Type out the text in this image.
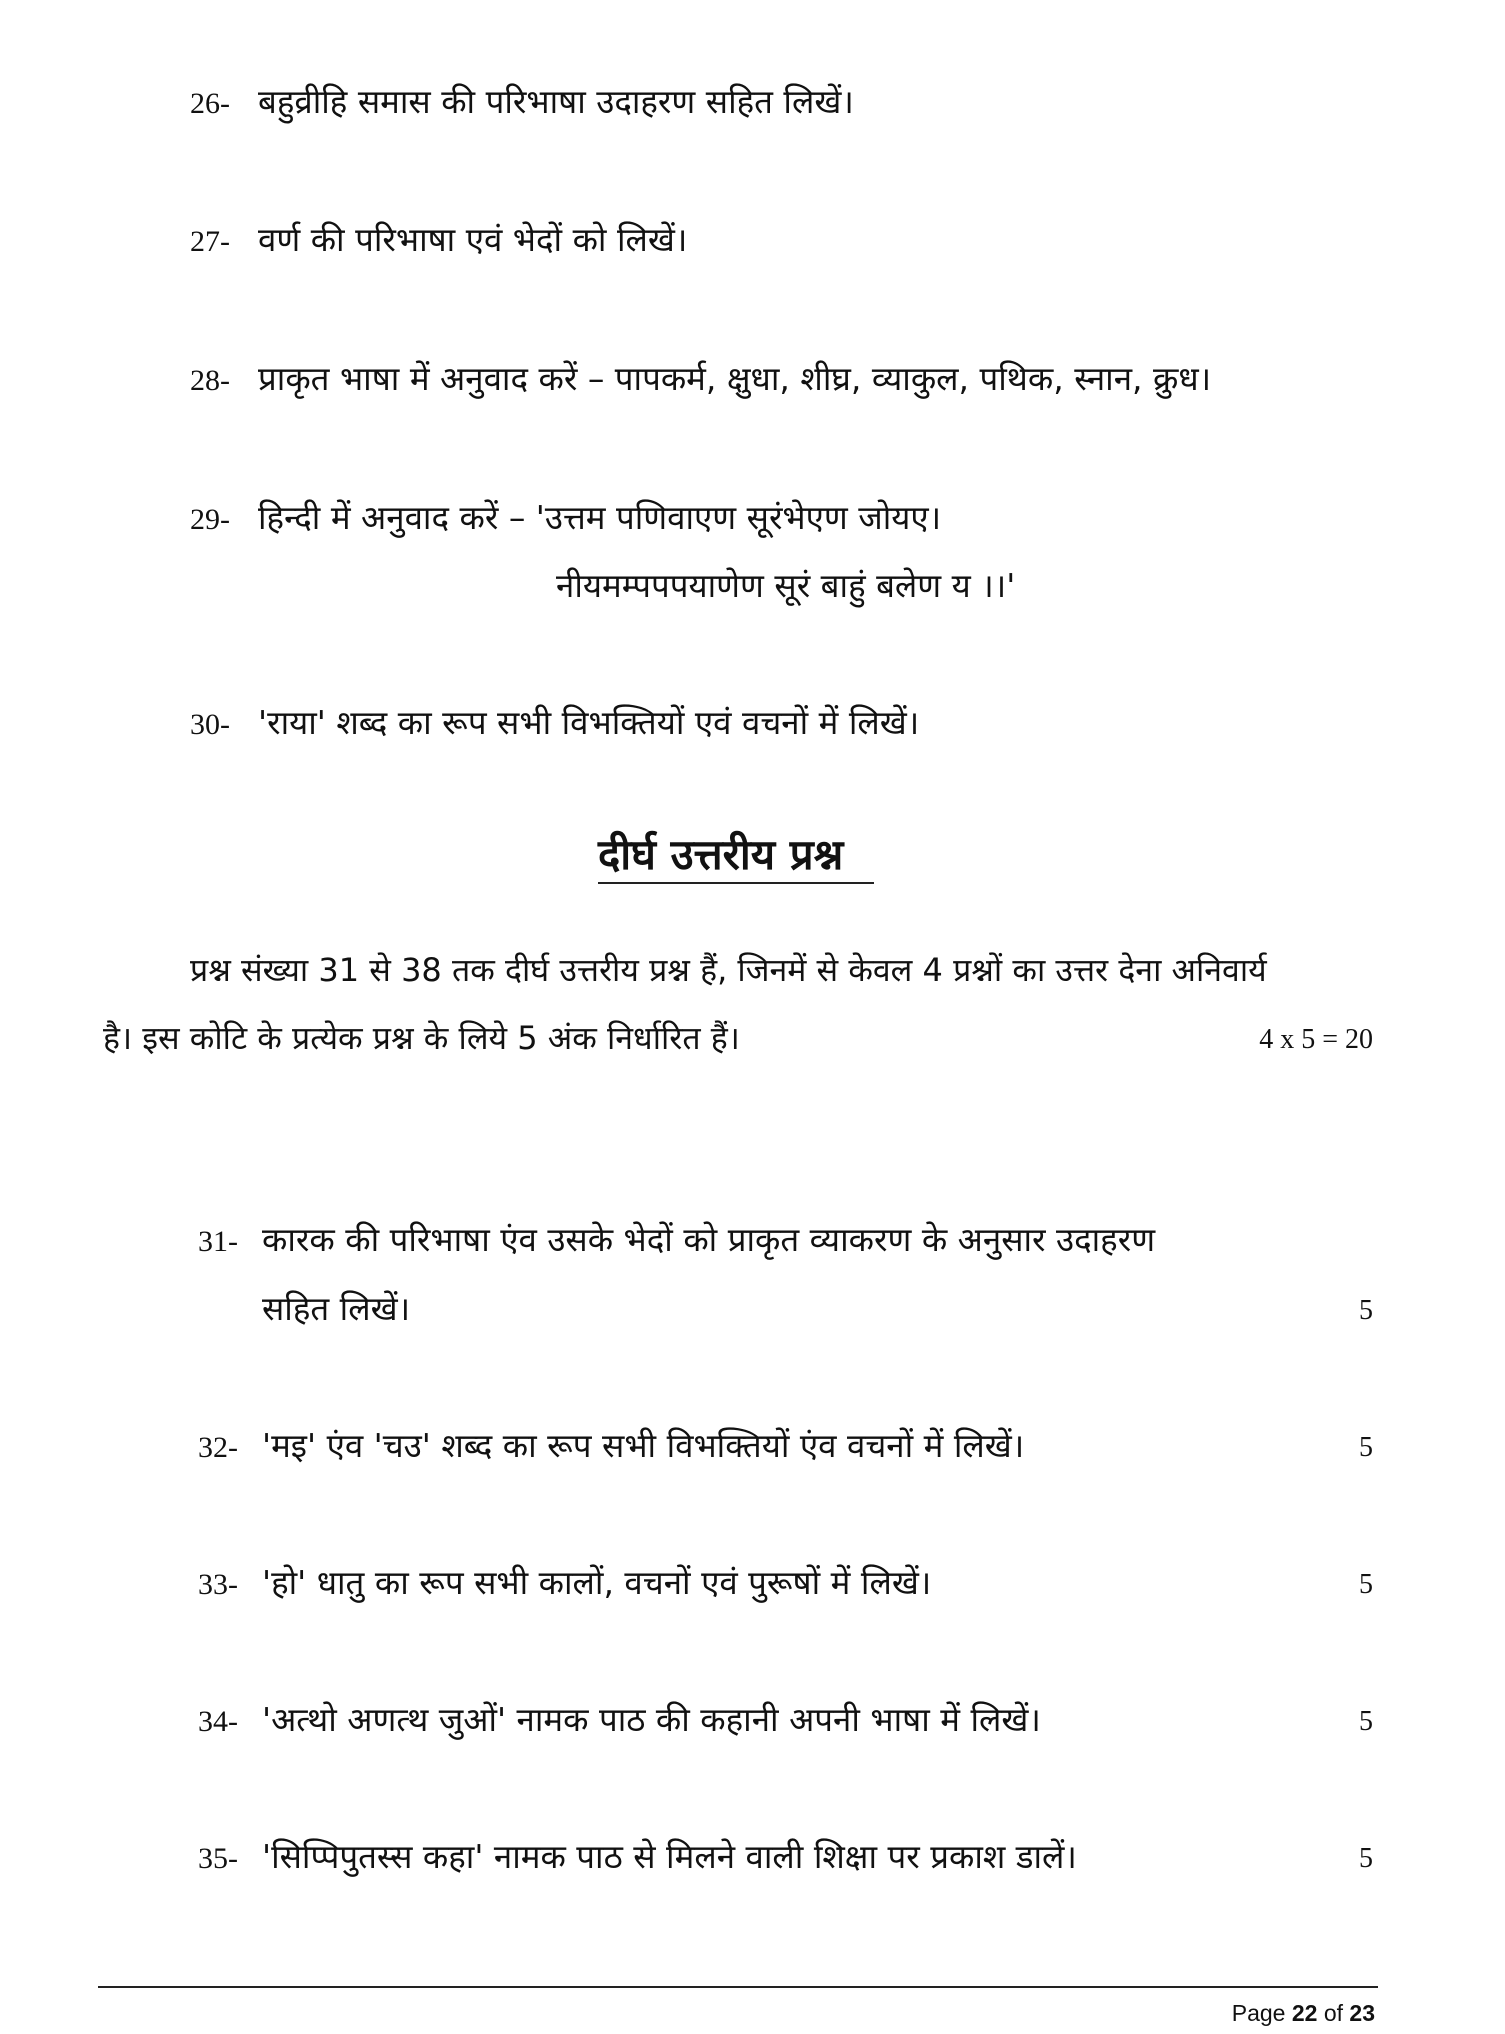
26- बहुव्रीहि समास की परिभाषा उदाहरण सहित लिखें।
27- वर्ण की परिभाषा एवं भेदों को लिखें।
28- प्राकृत भाषा में अनुवाद करें – पापकर्म, क्षुधा, शीघ्र, व्याकुल, पथिक, स्नान, क्रुध।
29- हिन्दी में अनुवाद करें – 'उत्तम पणिवाएण सूरंभेएण जोयए।
नीयमम्पपपयाणेण सूरं बाहुं बलेण य ।।'
30- 'राया' शब्द का रूप सभी विभक्तियों एवं वचनों में लिखें।
दीर्घ उत्तरीय प्रश्न
प्रश्न संख्या 31 से 38 तक दीर्घ उत्तरीय प्रश्न हैं, जिनमें से केवल 4 प्रश्नों का उत्तर देना अनिवार्य
है। इस कोटि के प्रत्येक प्रश्न के लिये 5 अंक निर्धारित हैं।	4 x 5 = 20
31- कारक की परिभाषा एंव उसके भेदों को प्राकृत व्याकरण के अनुसार उदाहरण
सहित लिखें।	5
32- 'मइ' एंव 'चउ' शब्द का रूप सभी विभक्तियों एंव वचनों में लिखें।	5
33- 'हो' धातु का रूप सभी कालों, वचनों एवं पुरूषों में लिखें।	5
34- 'अत्थो अणत्थ जुओं' नामक पाठ की कहानी अपनी भाषा में लिखें।	5
35- 'सिप्पिपुतस्स कहा' नामक पाठ से मिलने वाली शिक्षा पर प्रकाश डालें।	5
Page 22 of 23
